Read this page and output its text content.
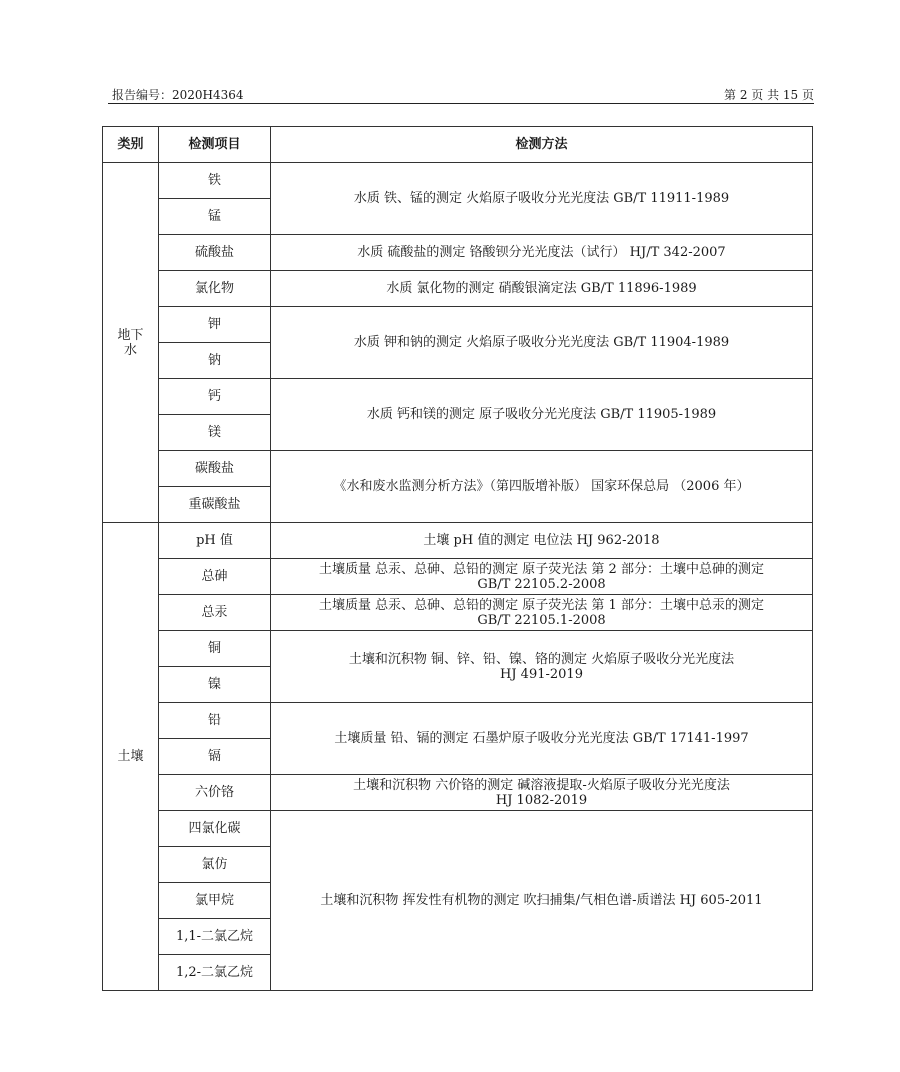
报告编号：2020H4364	第 2 页 共 15 页
类别	检测项目	检测方法
地下
水	铁	水质 铁、锰的测定 火焰原子吸收分光光度法 GB/T 11911-1989
	锰	
	硫酸盐	水质 硫酸盐的测定 铬酸钡分光光度法（试行） HJ/T 342-2007
	氯化物	水质 氯化物的测定 硝酸银滴定法 GB/T 11896-1989
	钾	水质 钾和钠的测定 火焰原子吸收分光光度法 GB/T 11904-1989
	钠	
	钙	水质 钙和镁的测定 原子吸收分光光度法 GB/T 11905-1989
	镁	
	碳酸盐	《水和废水监测分析方法》（第四版增补版） 国家环保总局 （2006 年）
	重碳酸盐	
土壤	pH 值	土壤 pH 值的测定 电位法 HJ 962-2018

	总砷	土壤质量 总汞、总砷、总铅的测定 原子荧光法 第 2 部分：土壤中总砷的测定
GB/T 22105.2-2008

	总汞	土壤质量 总汞、总砷、总铅的测定 原子荧光法 第 1 部分：土壤中总汞的测定
GB/T 22105.1-2008

	铜	土壤和沉积物 铜、锌、铅、镍、铬的测定 火焰原子吸收分光光度法
HJ 491-2019

	镍	
	铅	土壤质量 铅、镉的测定 石墨炉原子吸收分光光度法 GB/T 17141-1997

	镉	
	六价铬	土壤和沉积物 六价铬的测定 碱溶液提取-火焰原子吸收分光光度法
HJ 1082-2019

	四氯化碳	土壤和沉积物 挥发性有机物的测定 吹扫捕集/气相色谱-质谱法 HJ 605-2011

	氯仿	
	氯甲烷	
	1,1-二氯乙烷	
	1,2-二氯乙烷	
